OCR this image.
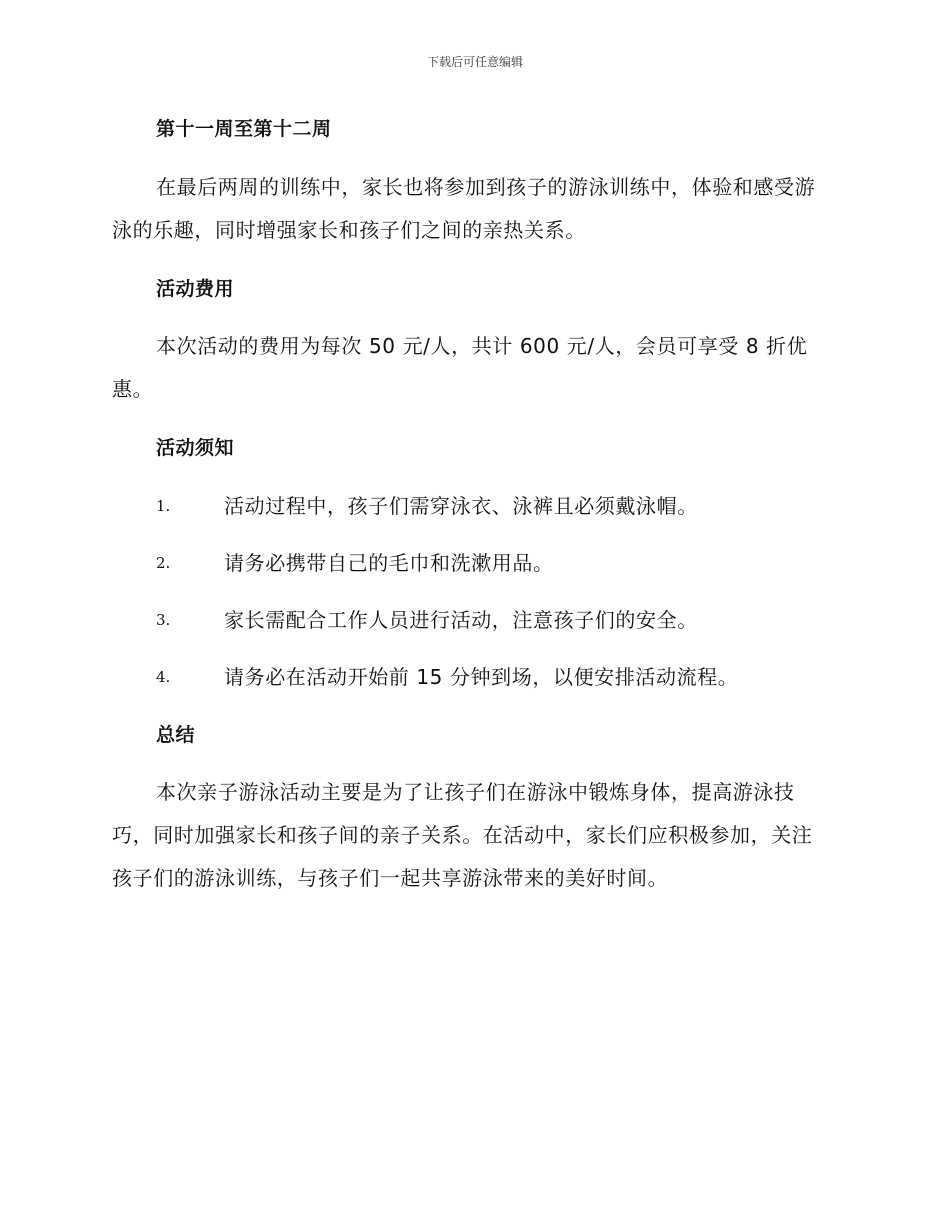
下载后可任意编辑
第十一周至第十二周
在最后两周的训练中，家长也将参加到孩子的游泳训练中，体验和感受游泳的乐趣，同时增强家长和孩子们之间的亲热关系。
活动费用
本次活动的费用为每次 50 元/人，共计 600 元/人，会员可享受 8 折优惠。
活动须知
1.	活动过程中，孩子们需穿泳衣、泳裤且必须戴泳帽。
2.	请务必携带自己的毛巾和洗漱用品。
3.	家长需配合工作人员进行活动，注意孩子们的安全。
4.	请务必在活动开始前 15 分钟到场，以便安排活动流程。
总结
本次亲子游泳活动主要是为了让孩子们在游泳中锻炼身体，提高游泳技巧，同时加强家长和孩子间的亲子关系。在活动中，家长们应积极参加，关注孩子们的游泳训练，与孩子们一起共享游泳带来的美好时间。
